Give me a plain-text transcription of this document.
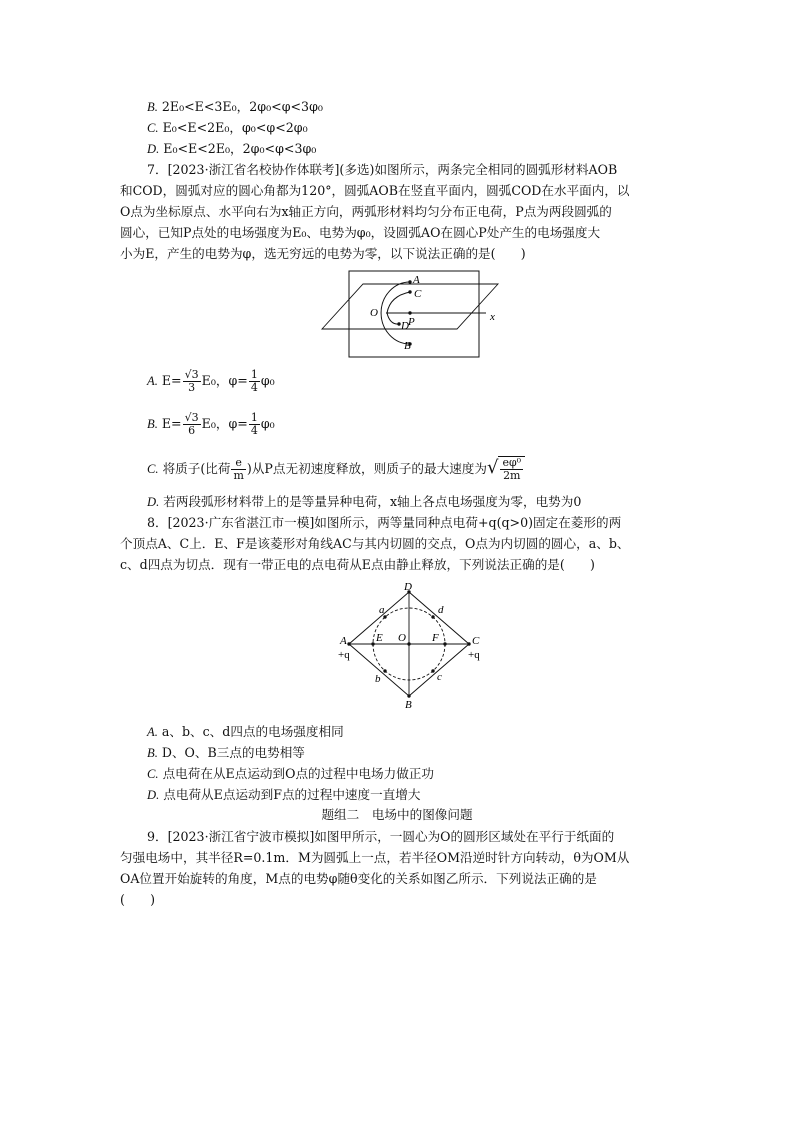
B. 2E₀<E<3E₀，2φ₀<φ<3φ₀
C. E₀<E<2E₀，φ₀<φ<2φ₀
D. E₀<E<2E₀，2φ₀<φ<3φ₀
7．[2023·浙江省名校协作体联考](多选)如图所示，两条完全相同的圆弧形材料AOB
和COD，圆弧对应的圆心角都为120°，圆弧AOB在竖直平面内，圆弧COD在水平面内，以
O点为坐标原点、水平向右为x轴正方向，两弧形材料均匀分布正电荷，P点为两段圆弧的
圆心，已知P点处的电场强度为E₀、电势为φ₀，设圆弧AO在圆心P处产生的电场强度大
小为E，产生的电势为φ，选无穷远的电势为零，以下说法正确的是(　　)
A
C
O
P
D
B
x
A. $E= \frac{√3}{3} E_0$，$\varphi= \frac{1}{4} \varphi_0$
B. $E= \frac{√3}{6} E_0$，$\varphi= \frac{1}{4} \varphi_0$
C. 将质子(比荷 $\frac{e}{m}$ )从P点无初速度释放，则质子的最大速度为√ $\frac{\text{eφ⁰}}{2m}$
D. 若两段弧形材料带上的是等量异种电荷，x轴上各点电场强度为零，电势为0
8．[2023·广东省湛江市一模]如图所示，两等量同种点电荷+q(q>0)固定在菱形的两
个顶点A、C上．E、F是该菱形对角线AC与其内切圆的交点，O点为内切圆的圆心，a、b、
c、d四点为切点．现有一带正电的点电荷从E点由静止释放，下列说法正确的是(　　)
D
a	d
A	E O F	C
+q	+q
b	c
B
A. a、b、c、d四点的电场强度相同
B. D、O、B三点的电势相等
C. 点电荷在从E点运动到O点的过程中电场力做正功
D. 点电荷从E点运动到F点的过程中速度一直增大
题组二　电场中的图像问题
9．[2023·浙江省宁波市模拟]如图甲所示，一圆心为O的圆形区域处在平行于纸面的
匀强电场中，其半径R=0.1m．M为圆弧上一点，若半径OM沿逆时针方向转动，θ为OM从
OA位置开始旋转的角度，M点的电势φ随θ变化的关系如图乙所示．下列说法正确的是
(　　)
